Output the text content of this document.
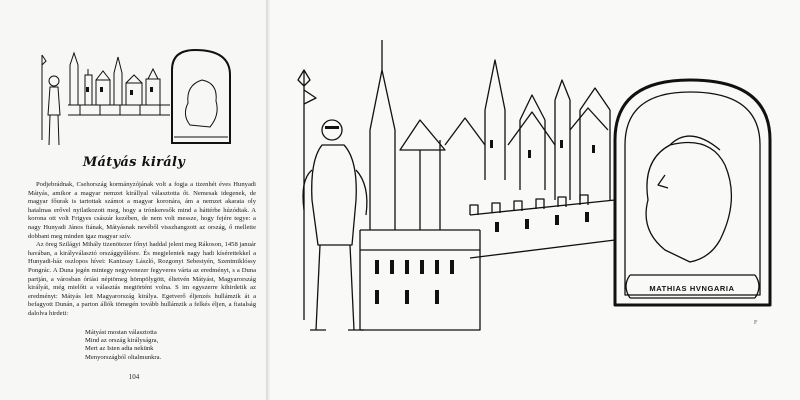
Mátyás király

Podjebrádnak, Csehország kormányzójának volt a fogja a tizenhét éves Hunyadi Mátyás, amikor a magyar nemzet királlyal választotta őt. Nemesak idegenek, de magyar főurak is tartottak számot a magyar koronára, ám a nemzet akarata oly hatalmas erővel nyilatkozott meg, hogy a trónkeresők mind a háttérbe húzódtak. A korona ott volt Frigyes császár kezében, de nem volt messze, hogy fejére tegye: a nagy Hunyadi János fiának, Mátyásnak nevéből visszhangzott az ország, ő mellette dobbant meg minden igaz magyar szív.

Az öreg Szilágyi Mihály tizenötezer főnyi haddal jelent meg Rákoson, 1458 január havában, a királyválasztó országgyűlésre. És megjelentek nagy hadi kísérettekkel a Hunyadi-ház oszlopos hívei: Kanizsay László, Rozgonyi Sebestyén, Szentmiklóssy Pongrác. A Duna jegén mintegy negyvenezer fegyveres várta az eredményt, s a Duna partján, a városban óriási néptömeg hömpölygött, éltetvén Mátyást, Magyarország királyát, még mielőtt a választás megtörtént volna. S im egyszerre kihirdetik az eredményt: Mátyás lett Magyarország királya. Egetverő éljenzés hullámzik át a befagyott Dunán, a parton állók tömegén tovább hullámzik a felkés éljen, a fiatalság dalolva hirdeti:

Mátyást mostan választotta
Mind az ország királyságra,
Mert az Isten adta nekünk
Menyországból oltalmunkra.
104
MATHIAS HVNGARIA
F
